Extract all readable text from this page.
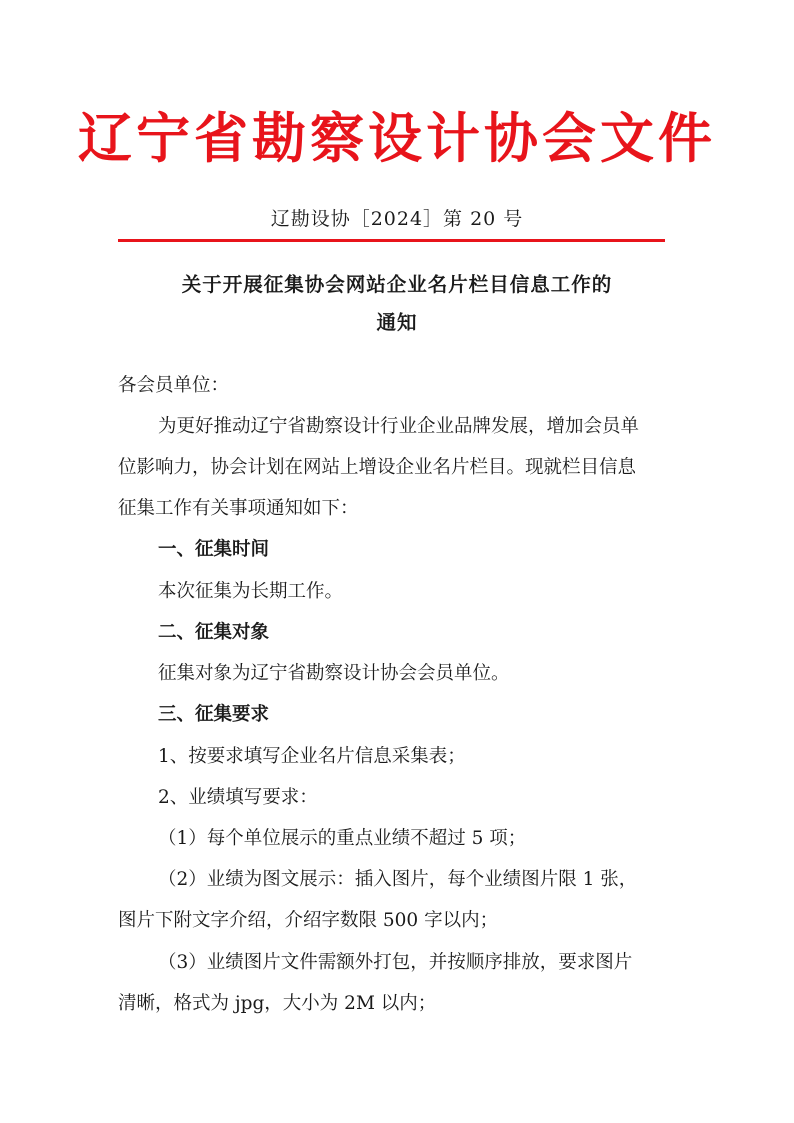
辽宁省勘察设计协会文件
辽勘设协［2024］第 20 号
关于开展征集协会网站企业名片栏目信息工作的
通知
各会员单位：
为更好推动辽宁省勘察设计行业企业品牌发展，增加会员单
位影响力，协会计划在网站上增设企业名片栏目。现就栏目信息
征集工作有关事项通知如下：
一、征集时间
本次征集为长期工作。
二、征集对象
征集对象为辽宁省勘察设计协会会员单位。
三、征集要求
1、按要求填写企业名片信息采集表；
2、业绩填写要求：
（1）每个单位展示的重点业绩不超过 5 项；
（2）业绩为图文展示：插入图片，每个业绩图片限 1 张，
图片下附文字介绍，介绍字数限 500 字以内；
（3）业绩图片文件需额外打包，并按顺序排放，要求图片
清晰，格式为 jpg，大小为 2M 以内；
